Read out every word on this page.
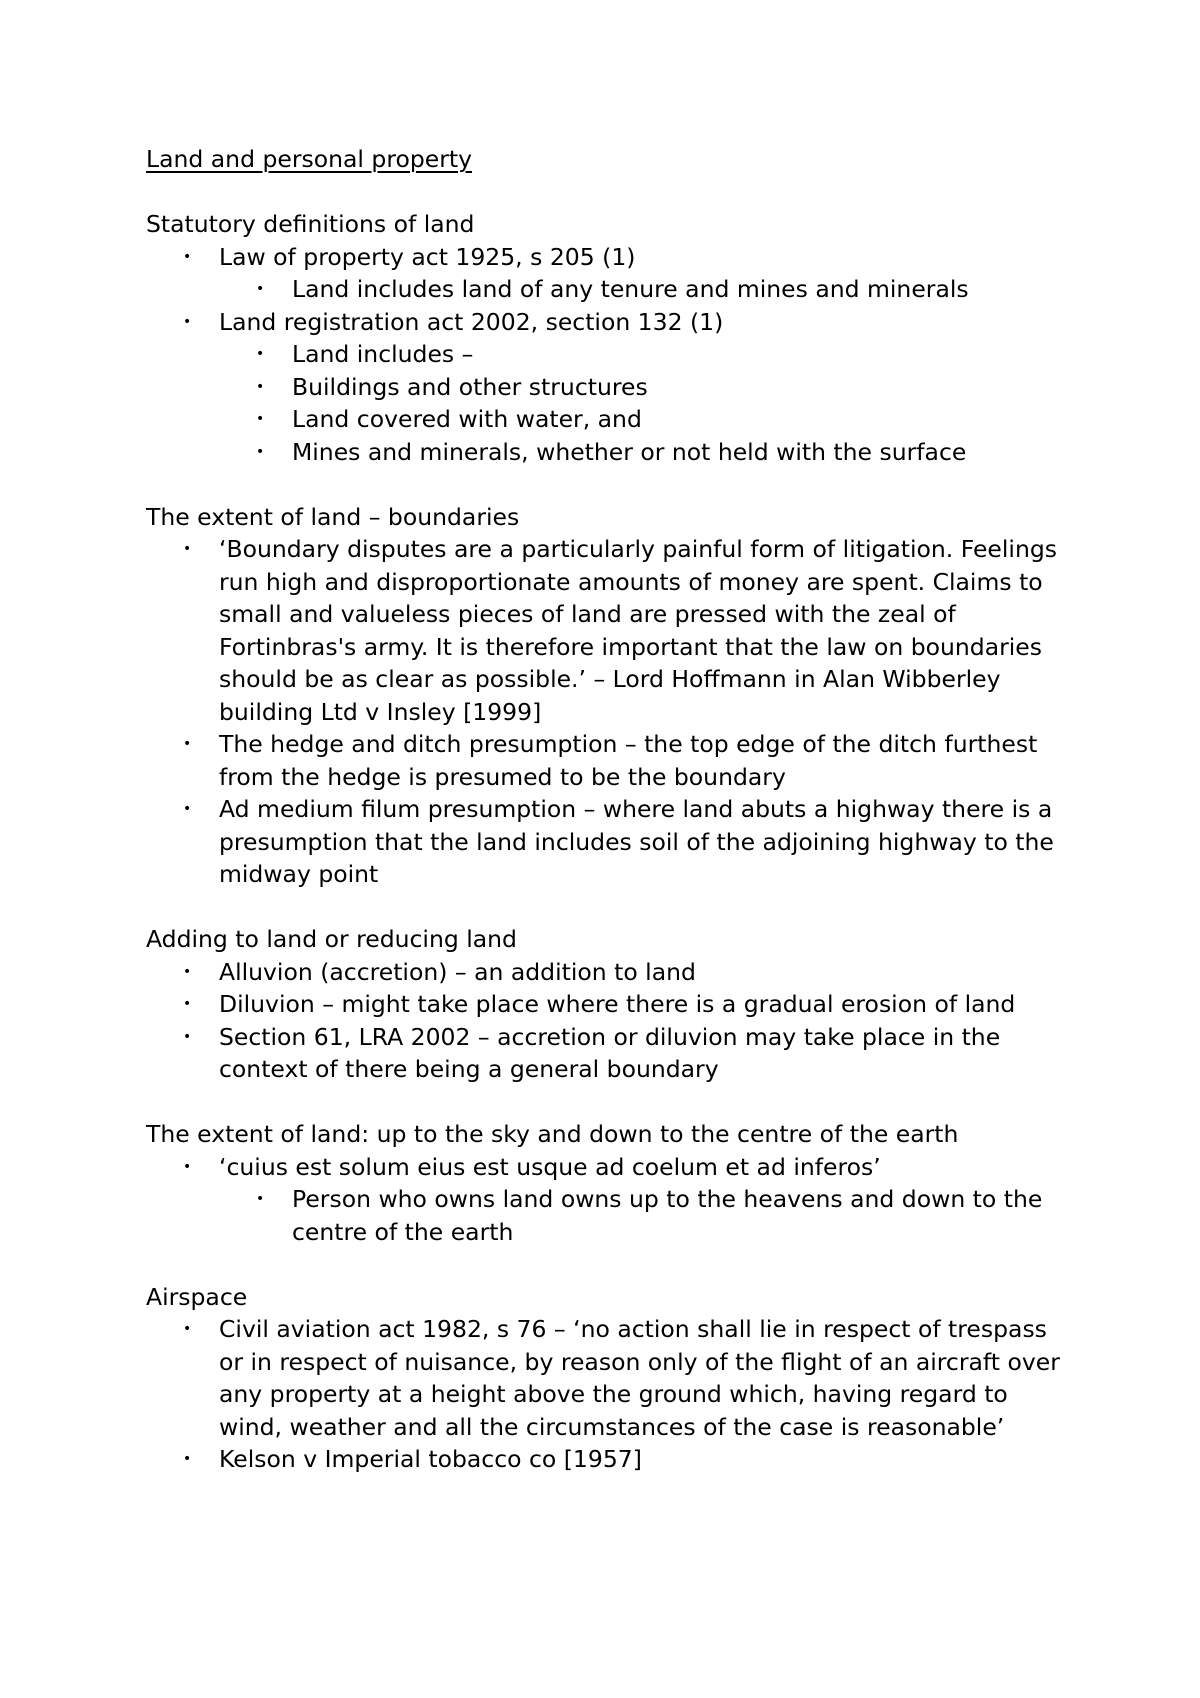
Land and personal property

Statutory definitions of land

• Law of property act 1925, s 205 (1)
• Land includes land of any tenure and mines and minerals
• Land registration act 2002, section 132 (1)
• Land includes –
• Buildings and other structures
• Land covered with water, and
• Mines and minerals, whether or not held with the surface

The extent of land – boundaries

• ‘Boundary disputes are a particularly painful form of litigation. Feelings run high and disproportionate amounts of money are spent. Claims to small and valueless pieces of land are pressed with the zeal of Fortinbras's army. It is therefore important that the law on boundaries should be as clear as possible.’ – Lord Hoffmann in Alan Wibberley building Ltd v Insley [1999]
• The hedge and ditch presumption – the top edge of the ditch furthest from the hedge is presumed to be the boundary
• Ad medium filum presumption – where land abuts a highway there is a presumption that the land includes soil of the adjoining highway to the midway point

Adding to land or reducing land

• Alluvion (accretion) – an addition to land
• Diluvion – might take place where there is a gradual erosion of land
• Section 61, LRA 2002 – accretion or diluvion may take place in the context of there being a general boundary

The extent of land: up to the sky and down to the centre of the earth

• ‘cuius est solum eius est usque ad coelum et ad inferos’
• Person who owns land owns up to the heavens and down to the centre of the earth

Airspace

• Civil aviation act 1982, s 76 – ‘no action shall lie in respect of trespass or in respect of nuisance, by reason only of the flight of an aircraft over any property at a height above the ground which, having regard to wind, weather and all the circumstances of the case is reasonable’
• Kelson v Imperial tobacco co [1957]
